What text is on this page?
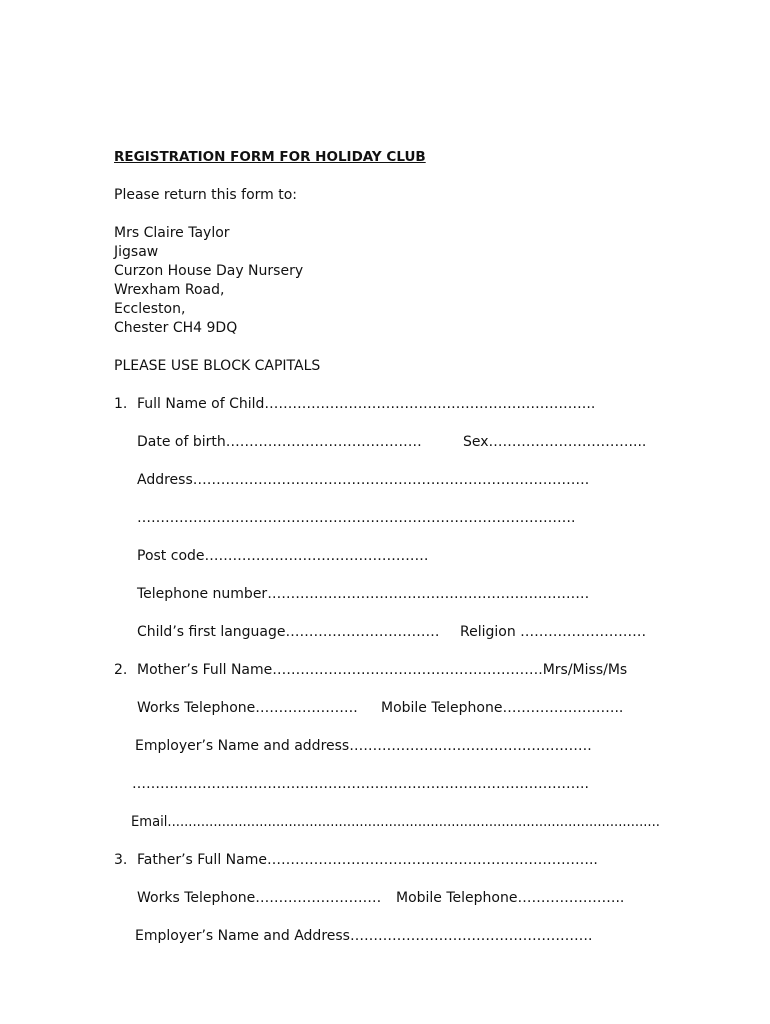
REGISTRATION FORM FOR HOLIDAY CLUB
Please return this form to:
Mrs Claire Taylor
Jigsaw
Curzon House Day Nursery
Wrexham Road,
Eccleston,
Chester CH4 9DQ
PLEASE USE BLOCK CAPITALS
1. Full Name of Child……………………………………………………………..
Date of birth……………………………………	Sex…………………………....
Address………………………………………………………………………….
………………………………………………………………………………….
Post code…………………………………………
Telephone number……………………………………………………………
Child’s first language…………………………… Religion ………………………
2. Mother’s Full Name………………………………………………….Mrs/Miss/Ms
Works Telephone…………………. Mobile Telephone……………………..
Employer’s Name and address…………………………………………….
……………………………………………………………………………………..
Email......................................................................................................................
3. Father’s Full Name……………………………………………………………..
Works Telephone……………………… Mobile Telephone…………………..
Employer’s Name and Address…………………………………………….
